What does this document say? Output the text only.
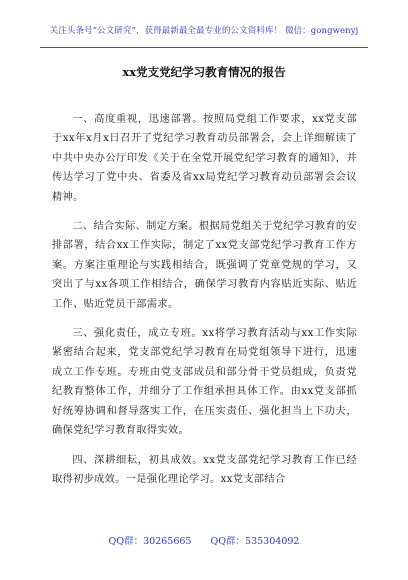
关注头条号“公文研究”，获得最新最全最专业的公文资料库！ 微信：gongwenyj
xx党支党纪学习教育情况的报告

一、高度重视，迅速部署。按照局党组工作要求，xx党支部于xx年x月x日召开了党纪学习教育动员部署会，会上详细解读了中共中央办公厅印发《关于在全党开展党纪学习教育的通知》，并传达学习了党中央、省委及省xx局党纪学习教育动员部署会会议精神。

二、结合实际、制定方案。根据局党组关于党纪学习教育的安排部署，结合xx工作实际，制定了xx党支部党纪学习教育工作方案。方案注重理论与实践相结合，既强调了党章党规的学习，又突出了与xx各项工作相结合，确保学习教育内容贴近实际、贴近工作、贴近党员干部需求。

三、强化责任，成立专班。xx将学习教育活动与xx工作实际紧密结合起来，党支部党纪学习教育在局党组领导下进行，迅速成立工作专班。专班由党支部成员和部分骨干党员组成，负责党纪教育整体工作，并细分了工作组承担具体工作。由xx党支部抓好统筹协调和督导落实工作，在压实责任、强化担当上下功夫，确保党纪学习教育取得实效。

四、深耕细耘，初具成效。xx党支部党纪学习教育工作已经取得初步成效。一是强化理论学习。xx党支部结合

QQ群：30265665　　QQ群：535304092
